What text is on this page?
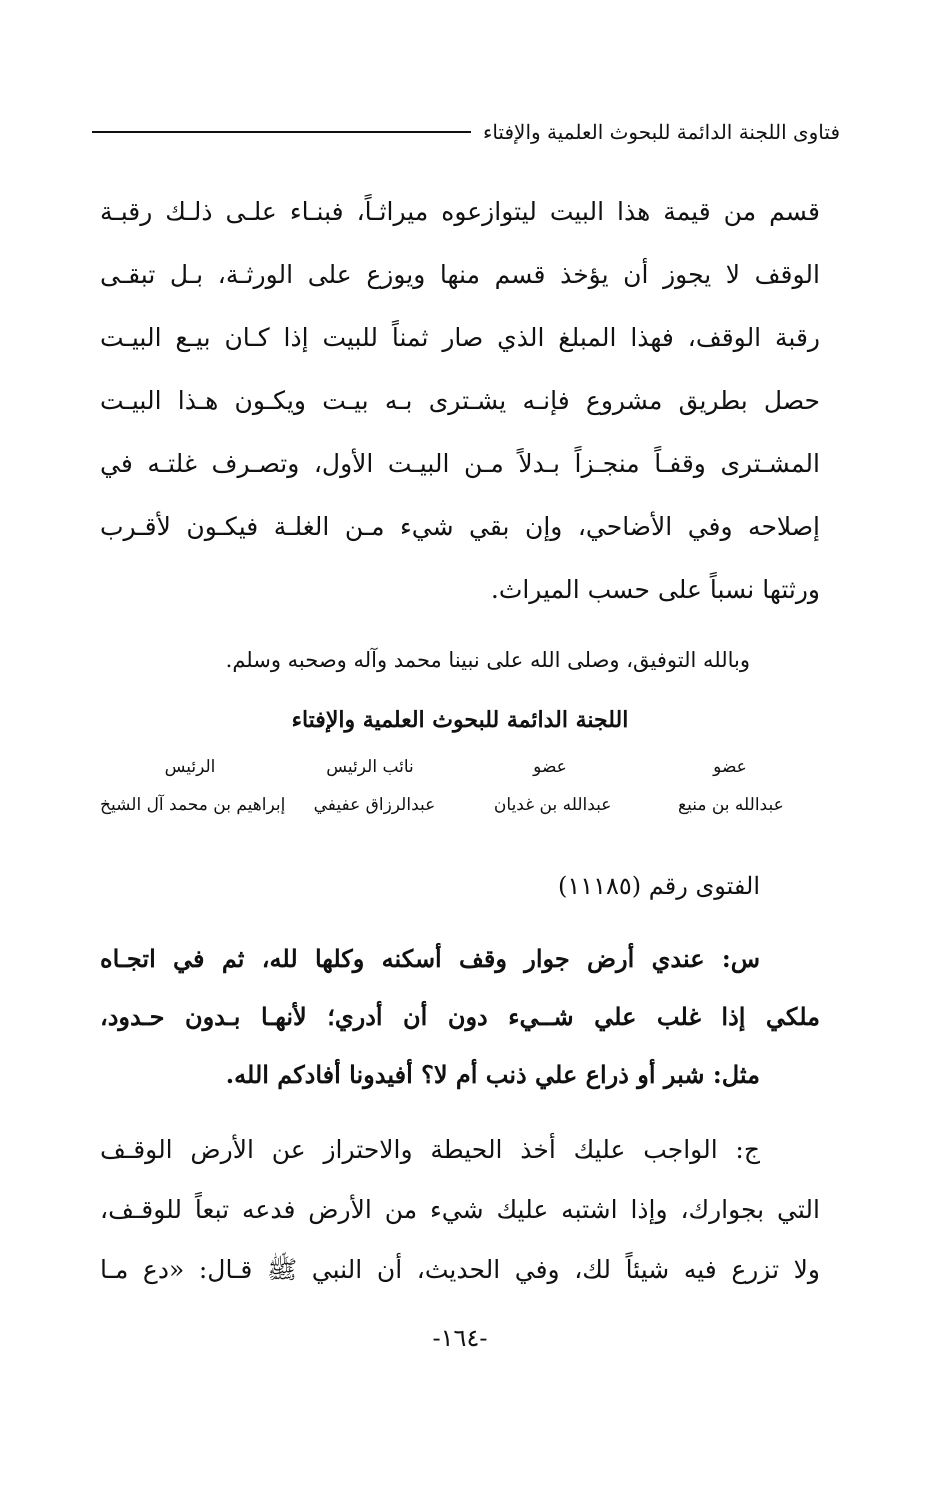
فتاوى اللجنة الدائمة للبحوث العلمية والإفتاء
قسم من قيمة هذا البيت ليتوازعوه ميراثـاً، فبنـاء علـى ذلـك رقبـة
الوقف لا يجوز أن يؤخذ قسم منها ويوزع على الورثـة، بـل تبقـى
رقبة الوقف، فهذا المبلغ الذي صار ثمناً للبيت إذا كـان بيـع البيـت
حصل بطريق مشروع فإنـه يشـترى بـه بيـت ويكـون هـذا البيـت
المشـترى وقفـاً منجـزاً بـدلاً مـن البيـت الأول، وتصـرف غلتـه في
إصلاحه وفي الأضاحي، وإن بقي شيء مـن الغلـة فيكـون لأقـرب
ورثتها نسباً على حسب الميراث.
وبالله التوفيق، وصلى الله على نبينا محمد وآله وصحبه وسلم.
اللجنة الدائمة للبحوث العلمية والإفتاء
عضو
عضو
نائب الرئيس
الرئيس
عبدالله بن منيع
عبدالله بن غديان
عبدالرزاق عفيفي
إبراهيم بن محمد آل الشيخ
الفتوى رقم (١١١٨٥)
س: عندي أرض جوار وقف أسكنه وكلها لله، ثم في اتجـاه
ملكي إذا غلب علي شــيء دون أن أدري؛ لأنهـا بـدون حـدود،
مثل: شبر أو ذراع علي ذنب أم لا؟ أفيدونا أفادكم الله.
ج: الواجب عليك أخذ الحيطة والاحتراز عن الأرض الوقـف
التي بجوارك، وإذا اشتبه عليك شيء من الأرض فدعه تبعاً للوقـف،
ولا تزرع فيه شيئاً لك، وفي الحديث، أن النبي ﷺ قـال: «دع مـا
-١٦٤-
